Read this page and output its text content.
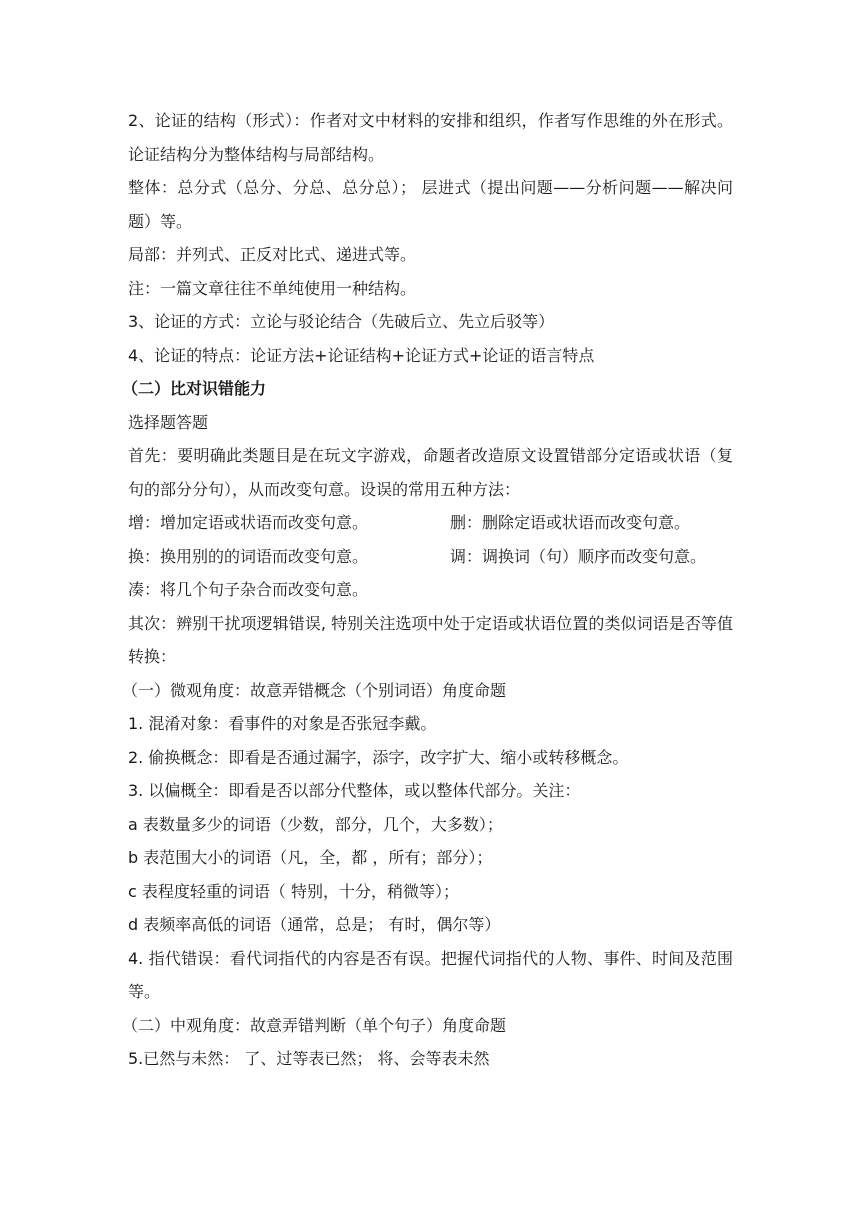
2、论证的结构（形式）：作者对文中材料的安排和组织，作者写作思维的外在形式。论证结构分为整体结构与局部结构。
整体：总分式（总分、分总、总分总）； 层进式（提出问题——分析问题——解决问题）等。
局部：并列式、正反对比式、递进式等。
注：一篇文章往往不单纯使用一种结构。
3、论证的方式：立论与驳论结合（先破后立、先立后驳等）
4、论证的特点：论证方法+论证结构+论证方式+论证的语言特点
（二）比对识错能力
选择题答题
首先：要明确此类题目是在玩文字游戏，命题者改造原文设置错部分定语或状语（复句的部分分句），从而改变句意。设误的常用五种方法：
增：增加定语或状语而改变句意。	删：删除定语或状语而改变句意。
换：换用别的的词语而改变句意。	调：调换词（句）顺序而改变句意。
凑：将几个句子杂合而改变句意。
其次：辨别干扰项逻辑错误, 特别关注选项中处于定语或状语位置的类似词语是否等值转换：
（一）微观角度：故意弄错概念（个别词语）角度命题
1. 混淆对象：看事件的对象是否张冠李戴。
2. 偷换概念：即看是否通过漏字，添字，改字扩大、缩小或转移概念。
3. 以偏概全：即看是否以部分代整体，或以整体代部分。关注：
a 表数量多少的词语（少数，部分，几个，大多数）；
b 表范围大小的词语（凡，全，都 ，所有；部分）；
c 表程度轻重的词语（ 特别，十分，稍微等）；
d 表频率高低的词语（通常，总是； 有时，偶尔等）
4. 指代错误：看代词指代的内容是否有误。把握代词指代的人物、事件、时间及范围等。
（二）中观角度：故意弄错判断（单个句子）角度命题
5.已然与未然： 了、过等表已然； 将、会等表未然
